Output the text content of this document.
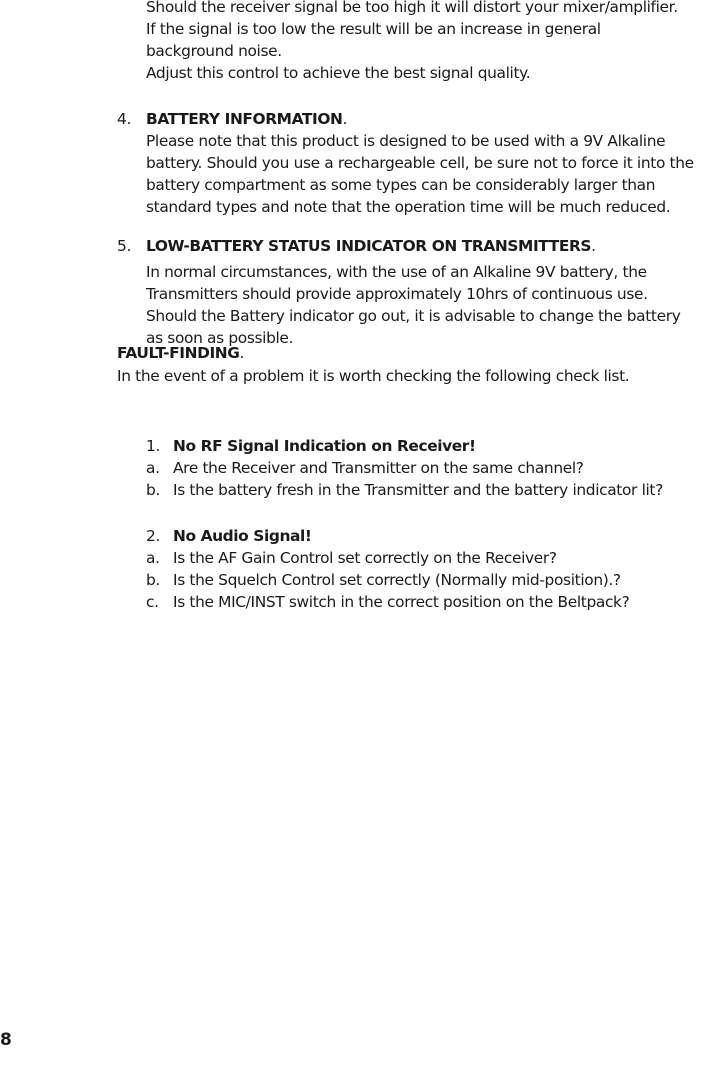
Should the receiver signal be too high it will distort your mixer/amplifier.
If the signal is too low the result will be an increase in general
background noise.
Adjust this control to achieve the best signal quality.
4. BATTERY INFORMATION.
Please note that this product is designed to be used with a 9V Alkaline
battery. Should you use a rechargeable cell, be sure not to force it into the
battery compartment as some types can be considerably larger than
standard types and note that the operation time will be much reduced.
5. LOW-BATTERY STATUS INDICATOR ON TRANSMITTERS.
In normal circumstances, with the use of an Alkaline 9V battery, the
Transmitters should provide approximately 10hrs of continuous use.
Should the Battery indicator go out, it is advisable to change the battery
as soon as possible.
FAULT-FINDING.
In the event of a problem it is worth checking the following check list.
1. No RF Signal Indication on Receiver!
a. Are the Receiver and Transmitter on the same channel?
b. Is the battery fresh in the Transmitter and the battery indicator lit?
2. No Audio Signal!
a. Is the AF Gain Control set correctly on the Receiver?
b. Is the Squelch Control set correctly (Normally mid-position).?
c. Is the MIC/INST switch in the correct position on the Beltpack?
8
